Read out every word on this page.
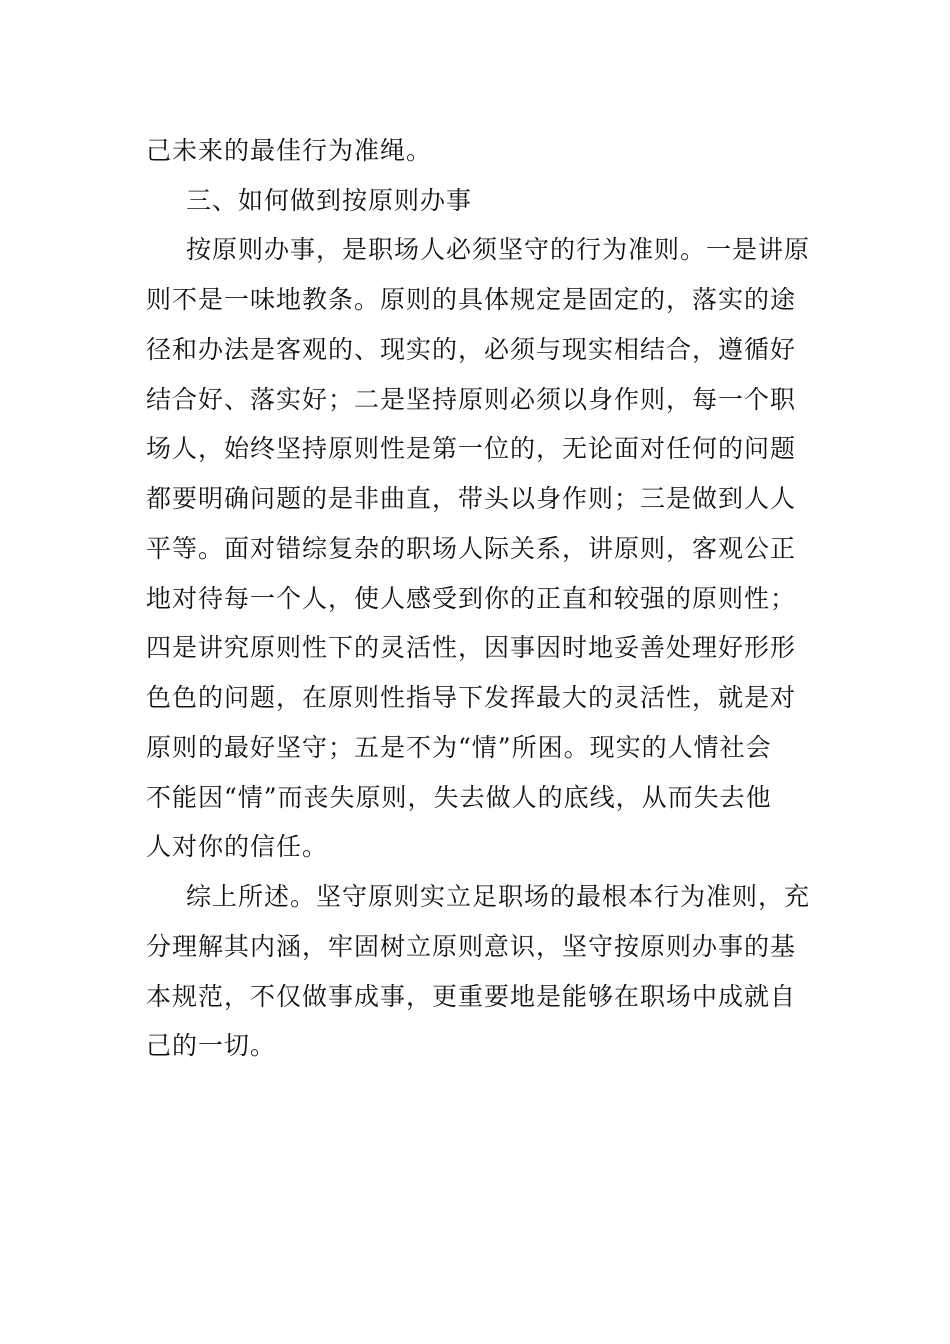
己未来的最佳行为准绳。
三、如何做到按原则办事
按原则办事，是职场人必须坚守的行为准则。一是讲原
则不是一味地教条。原则的具体规定是固定的，落实的途
径和办法是客观的、现实的，必须与现实相结合，遵循好
结合好、落实好；二是坚持原则必须以身作则，每一个职
场人，始终坚持原则性是第一位的，无论面对任何的问题
都要明确问题的是非曲直，带头以身作则；三是做到人人
平等。面对错综复杂的职场人际关系，讲原则，客观公正
地对待每一个人，使人感受到你的正直和较强的原则性；
四是讲究原则性下的灵活性，因事因时地妥善处理好形形
色色的问题，在原则性指导下发挥最大的灵活性，就是对
原则的最好坚守；五是不为“情”所困。现实的人情社会
不能因“情”而丧失原则，失去做人的底线，从而失去他
人对你的信任。
综上所述。坚守原则实立足职场的最根本行为准则，充
分理解其内涵，牢固树立原则意识，坚守按原则办事的基
本规范，不仅做事成事，更重要地是能够在职场中成就自
己的一切。
